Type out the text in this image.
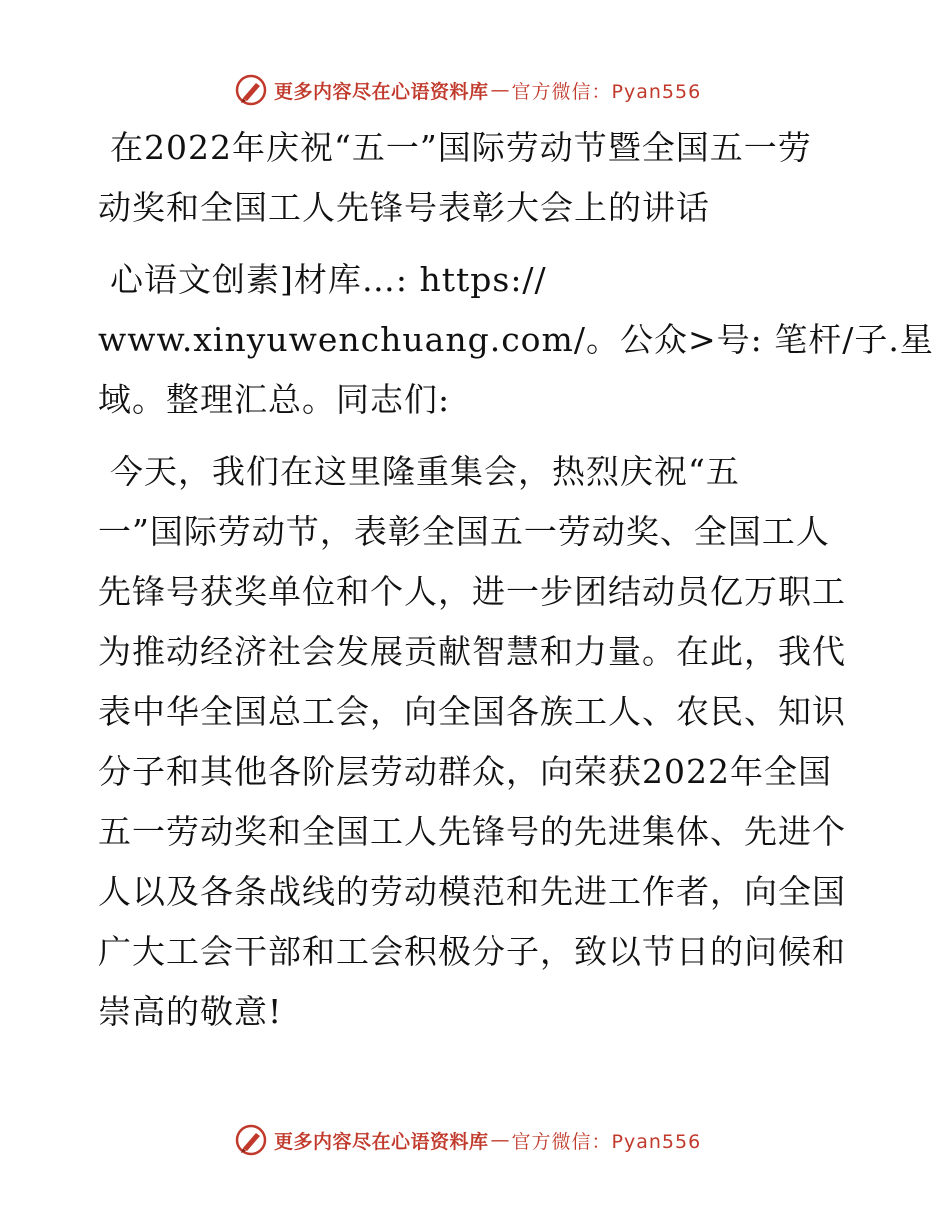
更多内容尽在心语资料库 — 官方微信：Pyan556
在2022年庆祝“五一”国际劳动节暨全国五一劳
动奖和全国工人先锋号表彰大会上的讲话
心语文创素]材库…: https://
www.xinyuwenchuang.com/。公众>号: 笔杆/子.星
域。整理汇总。同志们:
今天，我们在这里隆重集会，热烈庆祝“五
一”国际劳动节，表彰全国五一劳动奖、全国工人
先锋号获奖单位和个人，进一步团结动员亿万职工
为推动经济社会发展贡献智慧和力量。在此，我代
表中华全国总工会，向全国各族工人、农民、知识
分子和其他各阶层劳动群众，向荣获2022年全国
五一劳动奖和全国工人先锋号的先进集体、先进个
人以及各条战线的劳动模范和先进工作者，向全国
广大工会干部和工会积极分子，致以节日的问候和
崇高的敬意!
更多内容尽在心语资料库 — 官方微信：Pyan556
